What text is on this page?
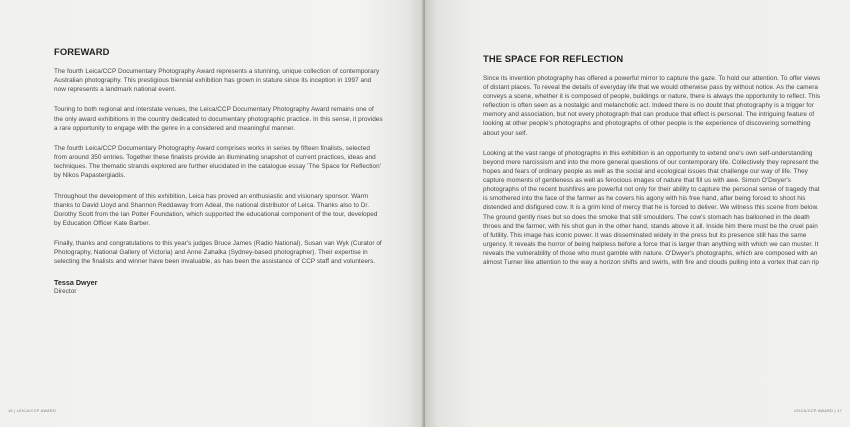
FOREWARD

The fourth Leica/CCP Documentary Photography Award represents a stunning, unique collection of contemporary Australian photography. This prestigious biennial exhibition has grown in stature since its inception in 1997 and now represents a landmark national event.

Touring to both regional and interstate venues, the Leica/CCP Documentary Photography Award remains one of the only award exhibitions in the country dedicated to documentary photographic practice. In this sense, it provides a rare opportunity to engage with the genre in a considered and meaningful manner.

The fourth Leica/CCP Documentary Photography Award comprises works in series by fifteen finalists, selected from around 350 entries. Together these finalists provide an illuminating snapshot of current practices, ideas and techniques. The thematic strands explored are further elucidated in the catalogue essay 'The Space for Reflection' by Nikos Papastergiadis.

Throughout the development of this exhibition, Leica has proved an enthusiastic and visionary sponsor. Warm thanks to David Lloyd and Shannon Reddaway from Adeal, the national distributor of Leica. Thanks also to Dr. Dorothy Scott from the Ian Potter Foundation, which supported the educational component of the tour, developed by Education Officer Kate Barber.

Finally, thanks and congratulations to this year's judges Bruce James (Radio National), Susan van Wyk (Curator of Photography, National Gallery of Victoria) and Anne Zahalka (Sydney-based photographer). Their expertise in selecting the finalists and winner have been invaluable, as has been the assistance of CCP staff and volunteers.

Tessa Dwyer
Director
16 | LEICA/CCP AWARD
THE SPACE FOR REFLECTION

Since its invention photography has offered a powerful mirror to capture the gaze. To hold our attention. To offer views of distant places. To reveal the details of everyday life that we would otherwise pass by without notice. As the camera conveys a scene, whether it is composed of people, buildings or nature, there is always the opportunity to reflect. This reflection is often seen as a nostalgic and melancholic act. Indeed there is no doubt that photography is a trigger for memory and association, but not every photograph that can produce that effect is personal. The intriguing feature of looking at other people's photographs and photographs of other people is the experience of discovering something about your self.

Looking at the vast range of photographs in this exhibition is an opportunity to extend one's own self-understanding beyond mere narcissism and into the more general questions of our contemporary life. Collectively they represent the hopes and fears of ordinary people as well as the social and ecological issues that challenge our way of life. They capture moments of gentleness as well as ferocious images of nature that fill us with awe. Simon O'Dwyer's photographs of the recent bushfires are powerful not only for their ability to capture the personal sense of tragedy that is smothered into the face of the farmer as he covers his agony with his free hand, after being forced to shoot his distended and disfigured cow. It is a grim kind of mercy that he is forced to deliver. We witness this scene from below. The ground gently rises but so does the smoke that still smoulders. The cow's stomach has ballooned in the death throes and the farmer, with his shot gun in the other hand, stands above it all. Inside him there must be the cruel pain of futility. This image has iconic power. It was disseminated widely in the press but its presence still has the same urgency. It reveals the horror of being helpless before a force that is larger than anything with which we can muster. It reveals the vulnerability of those who must gamble with nature. O'Dwyer's photographs, which are composed with an almost Turner like attention to the way a horizon shifts and swirls, with fire and clouds pulling into a vortex that can rip

LEICA/CCP AWARD | 17
